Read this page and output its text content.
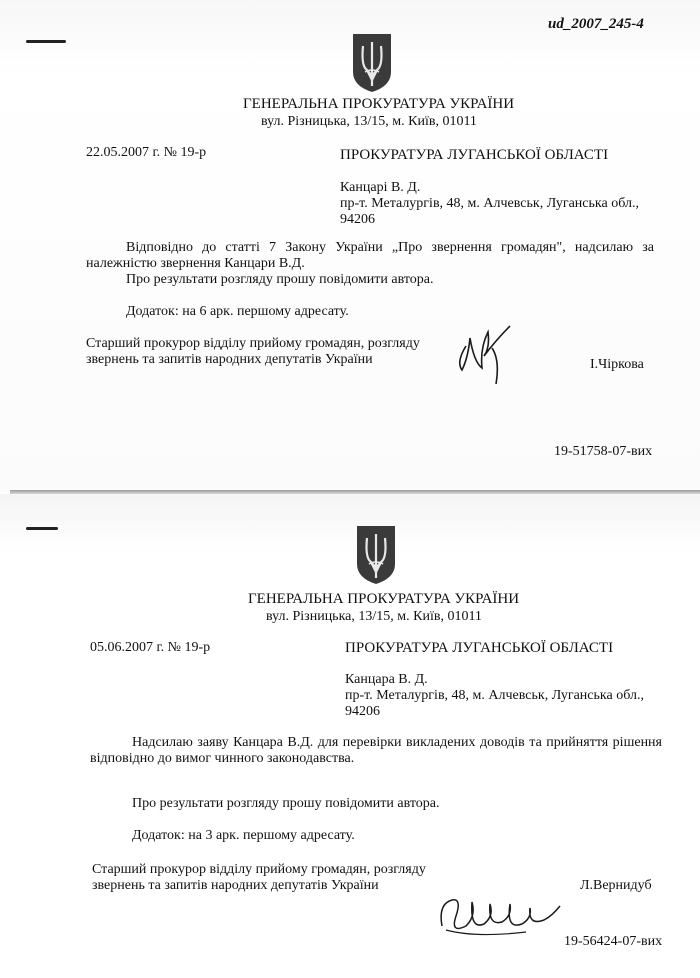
ud_2007_245-4
ГЕНЕРАЛЬНА ПРОКУРАТУРА УКРАЇНИ
вул. Різницька, 13/15, м. Київ, 01011
22.05.2007 г. № 19-р	ПРОКУРАТУРА ЛУГАНСЬКОЇ ОБЛАСТІ
Канцарі В. Д.
пр-т. Металургів, 48, м. Алчевськ, Луганська обл.,
94206
Відповідно до статті 7 Закону України „Про звернення громадян", надсилаю за
належністю звернення Канцари В.Д.
Про результати розгляду прошу повідомити автора.
Додаток: на 6 арк. першому адресату.
Старший прокурор відділу прийому громадян, розгляду
звернень та запитів народних депутатів України	І.Чіркова
19-51758-07-вих
ГЕНЕРАЛЬНА ПРОКУРАТУРА УКРАЇНИ
вул. Різницька, 13/15, м. Київ, 01011
05.06.2007 г. № 19-р	ПРОКУРАТУРА ЛУГАНСЬКОЇ ОБЛАСТІ
Канцара В. Д.
пр-т. Металургів, 48, м. Алчевськ, Луганська обл.,
94206
Надсилаю заяву Канцара В.Д. для перевірки викладених доводів та прийняття рішення
відповідно до вимог чинного законодавства.
Про результати розгляду прошу повідомити автора.
Додаток: на 3 арк. першому адресату.
Старший прокурор відділу прийому громадян, розгляду
звернень та запитів народних депутатів України	Л.Вернидуб
19-56424-07-вих
